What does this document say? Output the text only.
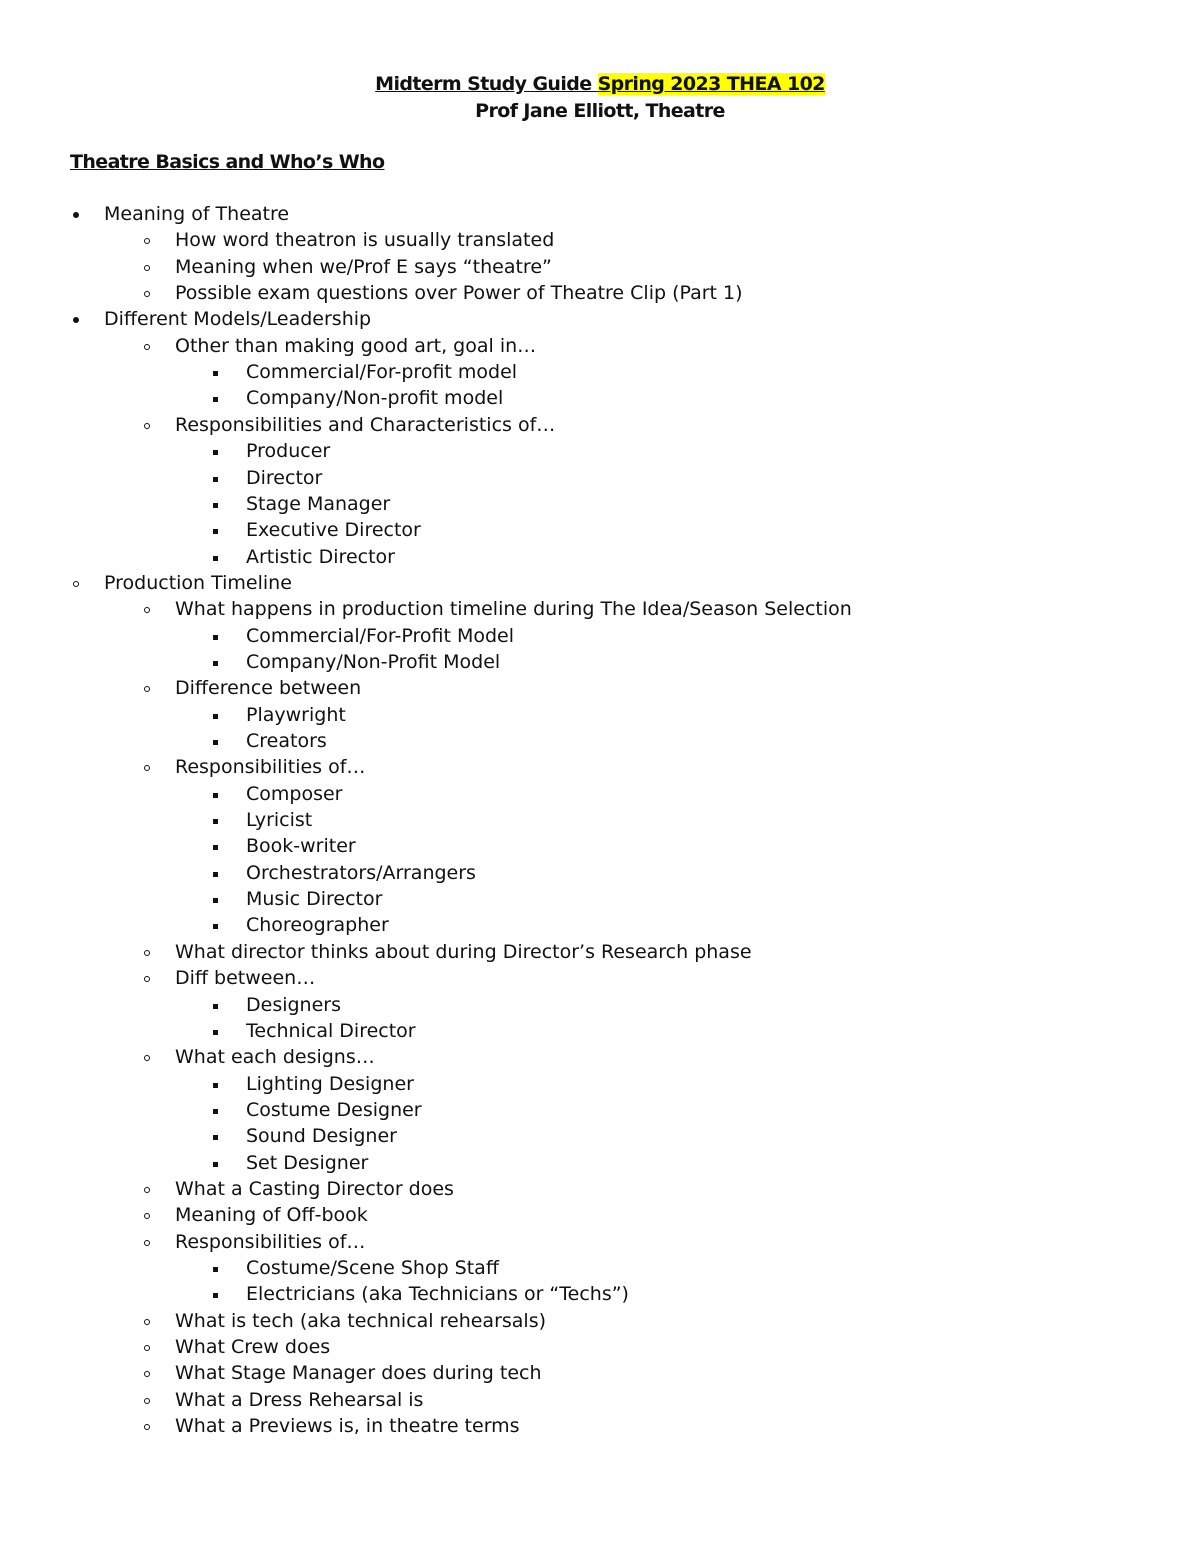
Midterm Study Guide Spring 2023 THEA 102
Prof Jane Elliott, Theatre
Theatre Basics and Who’s Who
Meaning of Theatre
How word theatron is usually translated
Meaning when we/Prof E says “theatre”
Possible exam questions over Power of Theatre Clip (Part 1)
Different Models/Leadership
Other than making good art, goal in…
Commercial/For-profit model
Company/Non-profit model
Responsibilities and Characteristics of…
Producer
Director
Stage Manager
Executive Director
Artistic Director
Production Timeline
What happens in production timeline during The Idea/Season Selection
Commercial/For-Profit Model
Company/Non-Profit Model
Difference between
Playwright
Creators
Responsibilities of…
Composer
Lyricist
Book-writer
Orchestrators/Arrangers
Music Director
Choreographer
What director thinks about during Director’s Research phase
Diff between…
Designers
Technical Director
What each designs…
Lighting Designer
Costume Designer
Sound Designer
Set Designer
What a Casting Director does
Meaning of Off-book
Responsibilities of…
Costume/Scene Shop Staff
Electricians (aka Technicians or “Techs”)
What is tech (aka technical rehearsals)
What Crew does
What Stage Manager does during tech
What a Dress Rehearsal is
What a Previews is, in theatre terms
